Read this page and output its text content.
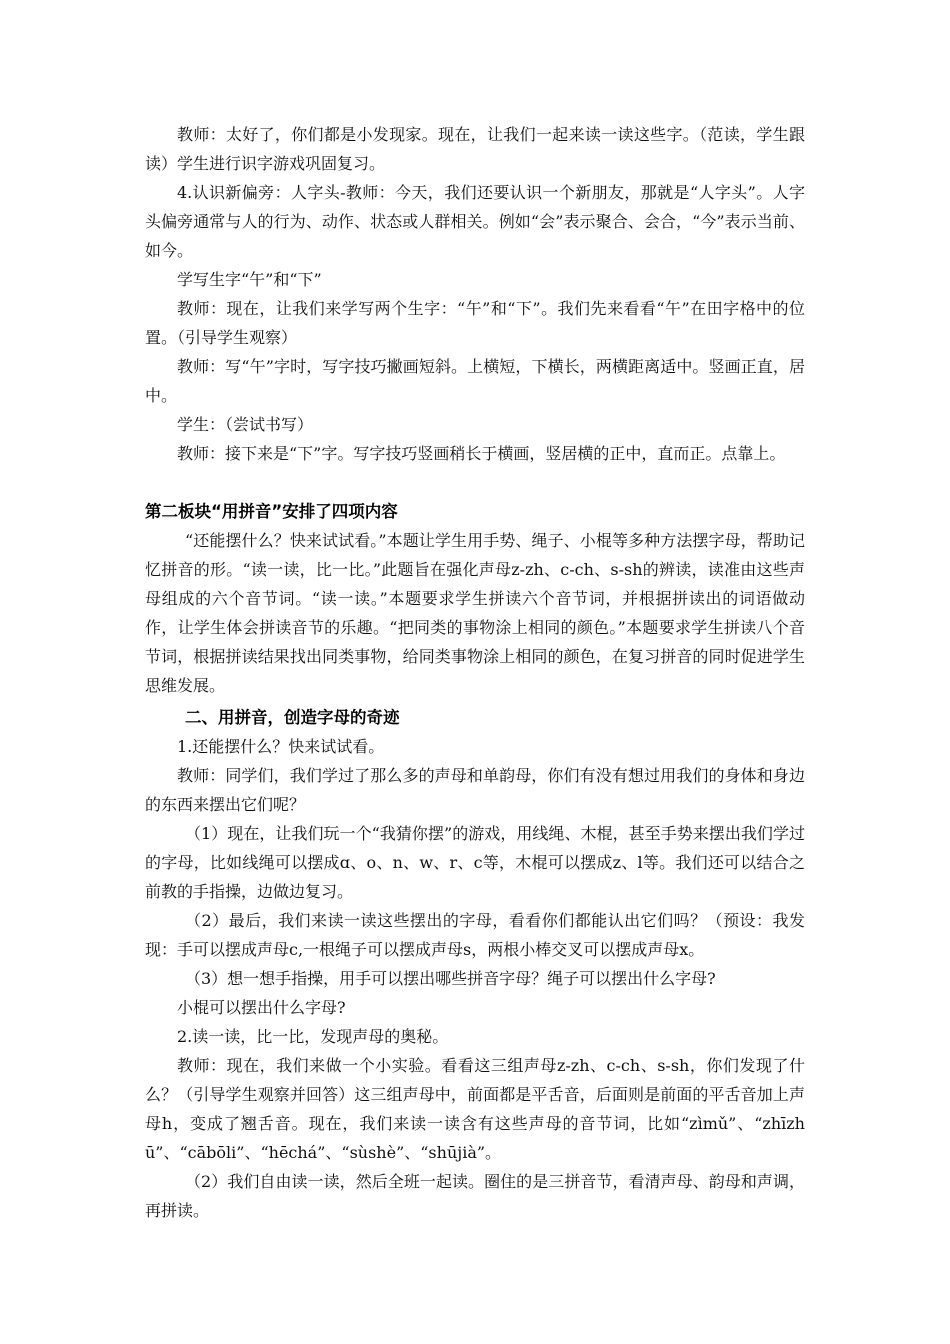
教师：太好了，你们都是小发现家。现在，让我们一起来读一读这些字。（范读，学生跟读）学生进行识字游戏巩固复习。

4.认识新偏旁：人字头-教师：今天，我们还要认识一个新朋友，那就是“人字头”。人字头偏旁通常与人的行为、动作、状态或人群相关。例如“会”表示聚合、会合，“今”表示当前、如今。

学写生字“午”和“下”

教师：现在，让我们来学写两个生字：“午”和“下”。我们先来看看“午”在田字格中的位置。（引导学生观察）

教师：写“午”字时，写字技巧撇画短斜。上横短，下横长，两横距离适中。竖画正直，居中。

学生：（尝试书写）

教师：接下来是“下”字。写字技巧竖画稍长于横画，竖居横的正中，直而正。点靠上。

第二板块“用拼音”安排了四项内容

“还能摆什么？快来试试看。”本题让学生用手势、绳子、小棍等多种方法摆字母，帮助记忆拼音的形。“读一读，比一比。”此题旨在强化声母z-zh、c-ch、s-sh的辨读，读准由这些声母组成的六个音节词。“读一读。”本题要求学生拼读六个音节词，并根据拼读出的词语做动作，让学生体会拼读音节的乐趣。“把同类的事物涂上相同的颜色。”本题要求学生拼读八个音节词，根据拼读结果找出同类事物，给同类事物涂上相同的颜色，在复习拼音的同时促进学生思维发展。

二、用拼音，创造字母的奇迹

1.还能摆什么？快来试试看。

教师：同学们，我们学过了那么多的声母和单韵母，你们有没有想过用我们的身体和身边的东西来摆出它们呢？

（1）现在，让我们玩一个“我猜你摆”的游戏，用线绳、木棍，甚至手势来摆出我们学过的字母，比如线绳可以摆成ɑ、o、n、w、r、c等，木棍可以摆成z、l等。我们还可以结合之前教的手指操，边做边复习。

（2）最后，我们来读一读这些摆出的字母，看看你们都能认出它们吗？（预设：我发现：手可以摆成声母c,一根绳子可以摆成声母s，两根小棒交叉可以摆成声母x。

（3）想一想手指操，用手可以摆出哪些拼音字母？绳子可以摆出什么字母?

小棍可以摆出什么字母?

2.读一读，比一比，发现声母的奥秘。

教师：现在，我们来做一个小实验。看看这三组声母z-zh、c-ch、s-sh，你们发现了什么？（引导学生观察并回答）这三组声母中，前面都是平舌音，后面则是前面的平舌音加上声母h，变成了翘舌音。现在，我们来读一读含有这些声母的音节词，比如“zìmǔ”、“zhīzhū”、“cābōli”、“hēchá”、“sùshè”、“shūjià”。

（2）我们自由读一读，然后全班一起读。圈住的是三拼音节，看清声母、韵母和声调，再拼读。
